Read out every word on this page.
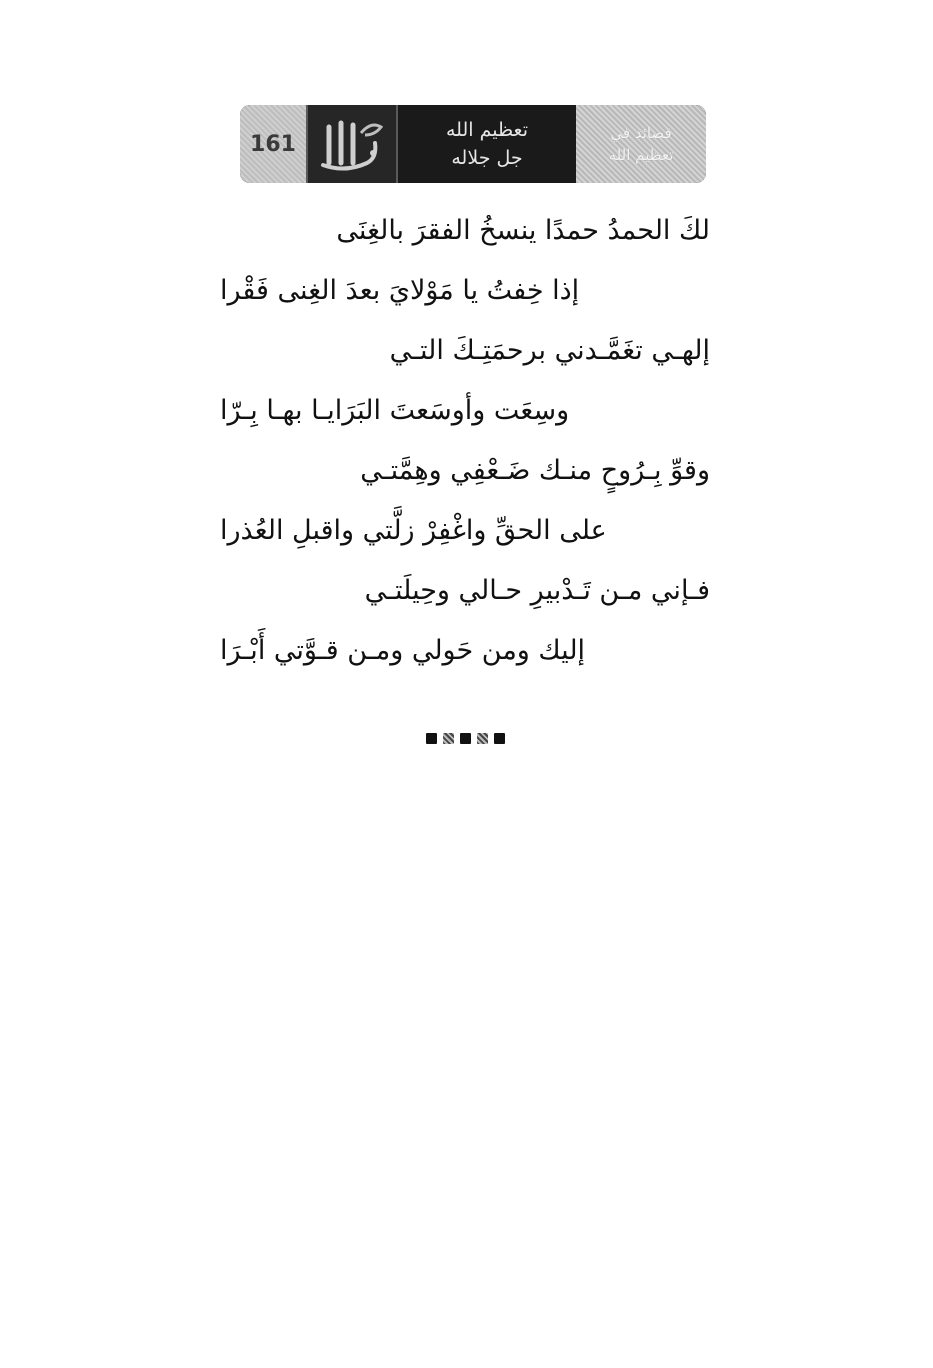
161
تعظيم الله
جل جلاله
قصائد في
تعظيم الله
لكَ الحمدُ حمدًا ينسخُ الفقرَ بالغِنَى
إذا خِفتُ يا مَوْلايَ بعدَ الغِنى فَقْرا
إلهـي تغَمَّـدني برحمَتِـكَ التـي
وسِعَت وأوسَعتَ البَرَايـا بهـا بِـرّا
وقوِّ بِـرُوحٍ منـك ضَـعْفِي وهِمَّتـي
على الحقِّ واغْفِرْ زلَّتي واقبلِ العُذرا
فـإني مـن تَـدْبيرِ حـالي وحِيلَتـي
إليك ومن حَولي ومـن قـوَّتي أَبْـرَا
